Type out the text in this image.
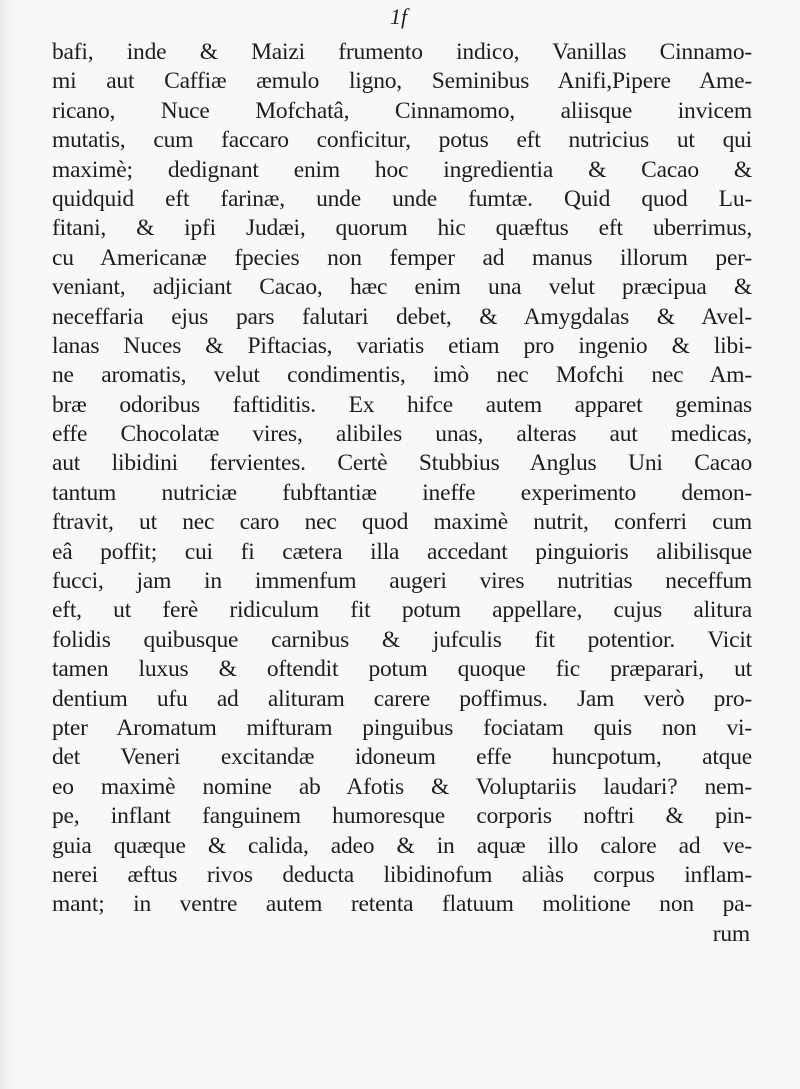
1f
bafi, inde & Maizi frumento indico, Vanillas Cinnamo-
mi aut Caffiæ æmulo ligno, Seminibus Anifi,Pipere Ame-
ricano, Nuce Mofchatâ, Cinnamomo, aliisque invicem
mutatis, cum faccaro conficitur, potus eft nutricius ut qui
maximè; dedignant enim hoc ingredientia & Cacao &
quidquid eft farinæ, unde unde fumtæ. Quid quod Lu-
fitani, & ipfi Judæi, quorum hic quæftus eft uberrimus,
cu Americanæ fpecies non femper ad manus illorum per-
veniant, adjiciant Cacao, hæc enim una velut præcipua &
neceffaria ejus pars falutari debet, & Amygdalas & Avel-
lanas Nuces & Piftacias, variatis etiam pro ingenio & libi-
ne aromatis, velut condimentis, imò nec Mofchi nec Am-
bræ odoribus faftiditis. Ex hifce autem apparet geminas
effe Chocolatæ vires, alibiles unas, alteras aut medicas,
aut libidini fervientes. Certè Stubbius Anglus Uni Cacao
tantum nutriciæ fubftantiæ ineffe experimento demon-
ftravit, ut nec caro nec quod maximè nutrit, conferri cum
eâ poffit; cui fi cætera illa accedant pinguioris alibilisque
fucci, jam in immenfum augeri vires nutritias neceffum
eft, ut ferè ridiculum fit potum appellare, cujus alitura
folidis quibusque carnibus & jufculis fit potentior. Vicit
tamen luxus & oftendit potum quoque fic præparari, ut
dentium ufu ad alituram carere poffimus. Jam verò pro-
pter Aromatum mifturam pinguibus fociatam quis non vi-
det Veneri excitandæ idoneum effe huncpotum, atque
eo maximè nomine ab Afotis & Voluptariis laudari? nem-
pe, inflant fanguinem humoresque corporis noftri & pin-
guia quæque & calida, adeo & in aquæ illo calore ad ve-
nerei æftus rivos deducta libidinofum aliàs corpus inflam-
mant; in ventre autem retenta flatuum molitione non pa-
rum
